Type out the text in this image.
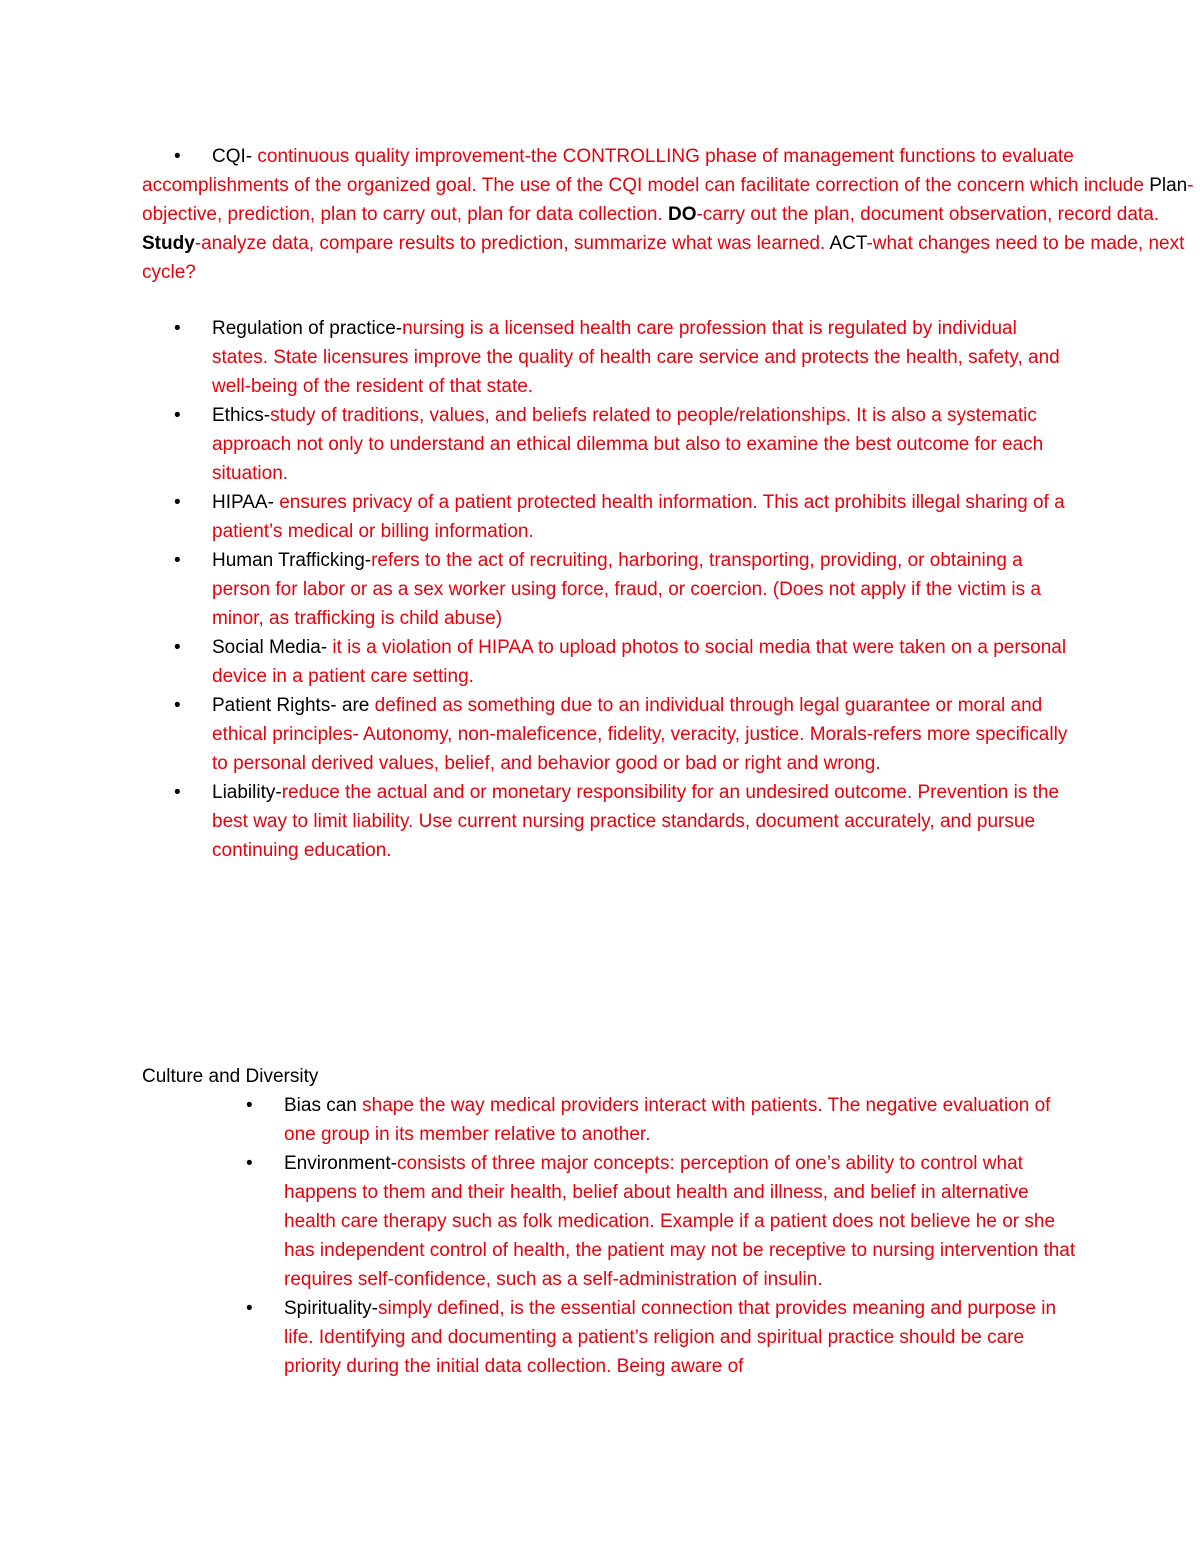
• CQI- continuous quality improvement-the CONTROLLING phase of management functions to evaluate accomplishments of the organized goal. The use of the CQI model can facilitate correction of the concern which include Plan-objective, prediction, plan to carry out, plan for data collection. DO-carry out the plan, document observation, record data. Study-analyze data, compare results to prediction, summarize what was learned. ACT-what changes need to be made, next cycle?
• Regulation of practice-nursing is a licensed health care profession that is regulated by individual states. State licensures improve the quality of health care service and protects the health, safety, and well-being of the resident of that state.
• Ethics-study of traditions, values, and beliefs related to people/relationships. It is also a systematic approach not only to understand an ethical dilemma but also to examine the best outcome for each situation.
• HIPAA- ensures privacy of a patient protected health information. This act prohibits illegal sharing of a patient’s medical or billing information.
• Human Trafficking-refers to the act of recruiting, harboring, transporting, providing, or obtaining a person for labor or as a sex worker using force, fraud, or coercion. (Does not apply if the victim is a minor, as trafficking is child abuse)
• Social Media- it is a violation of HIPAA to upload photos to social media that were taken on a personal device in a patient care setting.
• Patient Rights- are defined as something due to an individual through legal guarantee or moral and ethical principles- Autonomy, non-maleficence, fidelity, veracity, justice. Morals-refers more specifically to personal derived values, belief, and behavior good or bad or right and wrong.
• Liability-reduce the actual and or monetary responsibility for an undesired outcome. Prevention is the best way to limit liability. Use current nursing practice standards, document accurately, and pursue continuing education.
Culture and Diversity
• Bias can shape the way medical providers interact with patients. The negative evaluation of one group in its member relative to another.
• Environment-consists of three major concepts: perception of one’s ability to control what happens to them and their health, belief about health and illness, and belief in alternative health care therapy such as folk medication. Example if a patient does not believe he or she has independent control of health, the patient may not be receptive to nursing intervention that requires self-confidence, such as a self-administration of insulin.
• Spirituality-simply defined, is the essential connection that provides meaning and purpose in life. Identifying and documenting a patient’s religion and spiritual practice should be care priority during the initial data collection. Being aware of
